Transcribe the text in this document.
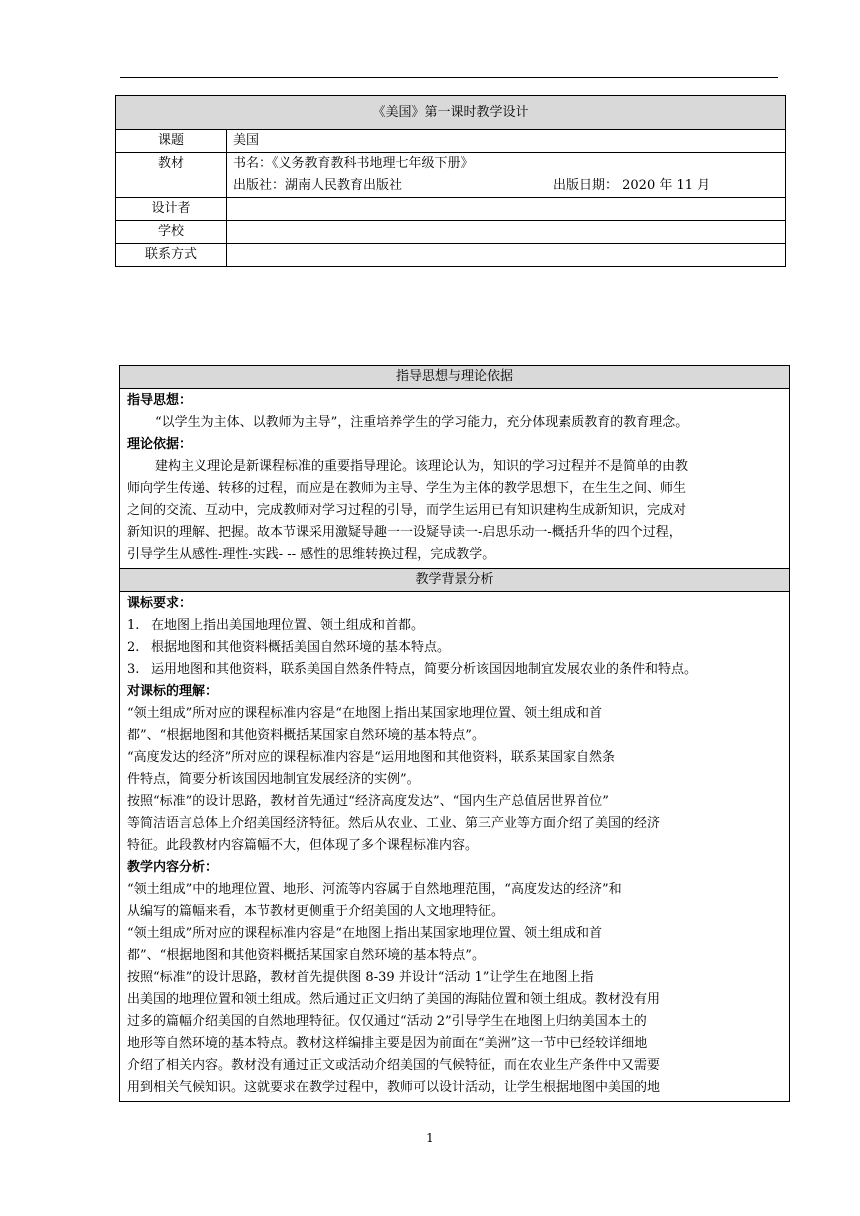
《美国》第一课时教学设计	
课题	美国
教材	书名：《义务教育教科书地理七年级下册》
出版社：湖南人民教育出版社 出版日期： 2020 年 11 月

设计者	
学校	
联系方式	
指导思想与理论依据

指导思想：
“以学生为主体、以教师为主导”，注重培养学生的学习能力，充分体现素质教育的教育理念。
理论依据：
建构主义理论是新课程标准的重要指导理论。该理论认为，知识的学习过程并不是简单的由教
师向学生传递、转移的过程，而应是在教师为主导、学生为主体的教学思想下，在生生之间、师生
之间的交流、互动中，完成教师对学习过程的引导，而学生运用已有知识建构生成新知识，完成对
新知识的理解、把握。故本节课采用激疑导趣一一设疑导读一-启思乐动一-概括升华的四个过程，
引导学生从感性-理性-实践- -- 感性的思维转换过程，完成教学。

教学背景分析

课标要求：
1. 在地图上指出美国地理位置、领土组成和首都。
2. 根据地图和其他资料概括美国自然环境的基本特点。
3. 运用地图和其他资料，联系美国自然条件特点，简要分析该国因地制宜发展农业的条件和特点。
对课标的理解：
“领土组成”所对应的课程标准内容是“在地图上指出某国家地理位置、领土组成和首
都”、“根据地图和其他资料概括某国家自然环境的基本特点”。
“高度发达的经济”所对应的课程标准内容是“运用地图和其他资料，联系某国家自然条
件特点，简要分析该国因地制宜发展经济的实例”。
按照“标准”的设计思路，教材首先通过“经济高度发达”、“国内生产总值居世界首位”
等简洁语言总体上介绍美国经济特征。然后从农业、工业、第三产业等方面介绍了美国的经济
特征。此段教材内容篇幅不大，但体现了多个课程标准内容。
教学内容分析：
“领土组成”中的地理位置、地形、河流等内容属于自然地理范围，“高度发达的经济”和
从编写的篇幅来看，本节教材更侧重于介绍美国的人文地理特征。
“领土组成”所对应的课程标准内容是“在地图上指出某国家地理位置、领土组成和首
都”、“根据地图和其他资料概括某国家自然环境的基本特点”。
按照“标准”的设计思路，教材首先提供图 8-39 并设计“活动 1”让学生在地图上指
出美国的地理位置和领土组成。然后通过正文归纳了美国的海陆位置和领土组成。教材没有用
过多的篇幅介绍美国的自然地理特征。仅仅通过“活动 2”引导学生在地图上归纳美国本土的
地形等自然环境的基本特点。教材这样编排主要是因为前面在“美洲”这一节中已经较详细地
介绍了相关内容。教材没有通过正文或活动介绍美国的气候特征，而在农业生产条件中又需要
用到相关气候知识。这就要求在教学过程中，教师可以设计活动，让学生根据地图中美国的地
1
